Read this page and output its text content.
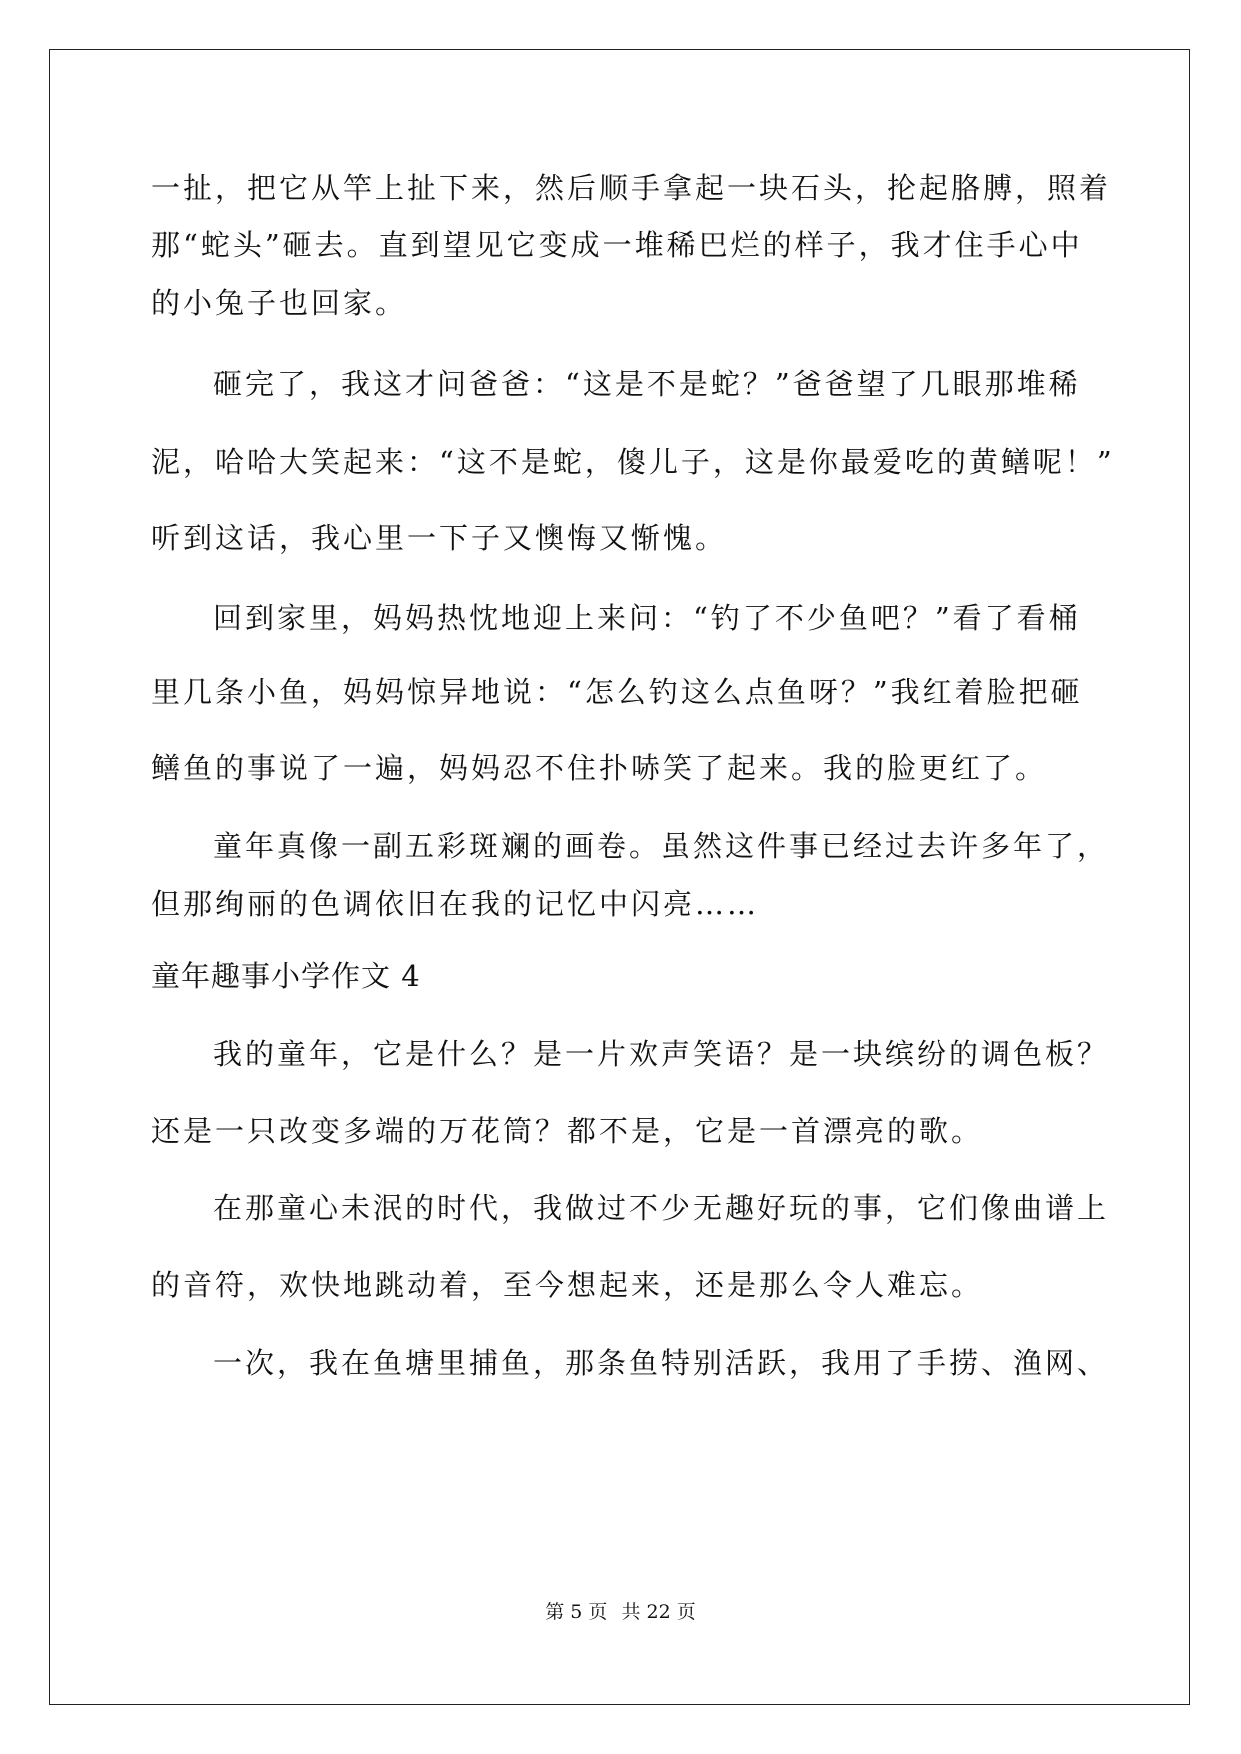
一扯，把它从竿上扯下来，然后顺手拿起一块石头，抡起胳膊，照着
那“蛇头”砸去。直到望见它变成一堆稀巴烂的样子，我才住手心中
的小兔子也回家。
砸完了，我这才问爸爸：“这是不是蛇？”爸爸望了几眼那堆稀
泥，哈哈大笑起来：“这不是蛇，傻儿子，这是你最爱吃的黄鳝呢！”
听到这话，我心里一下子又懊悔又惭愧。
回到家里，妈妈热忱地迎上来问：“钓了不少鱼吧？”看了看桶
里几条小鱼，妈妈惊异地说：“怎么钓这么点鱼呀？”我红着脸把砸
鳝鱼的事说了一遍，妈妈忍不住扑哧笑了起来。我的脸更红了。
童年真像一副五彩斑斓的画卷。虽然这件事已经过去许多年了，
但那绚丽的色调依旧在我的记忆中闪亮……
童年趣事小学作文 4
我的童年，它是什么？是一片欢声笑语？是一块缤纷的调色板？
还是一只改变多端的万花筒？都不是，它是一首漂亮的歌。
在那童心未泯的时代，我做过不少无趣好玩的事，它们像曲谱上
的音符，欢快地跳动着，至今想起来，还是那么令人难忘。
一次，我在鱼塘里捕鱼，那条鱼特别活跃，我用了手捞、渔网、
第 5 页 共 22 页
